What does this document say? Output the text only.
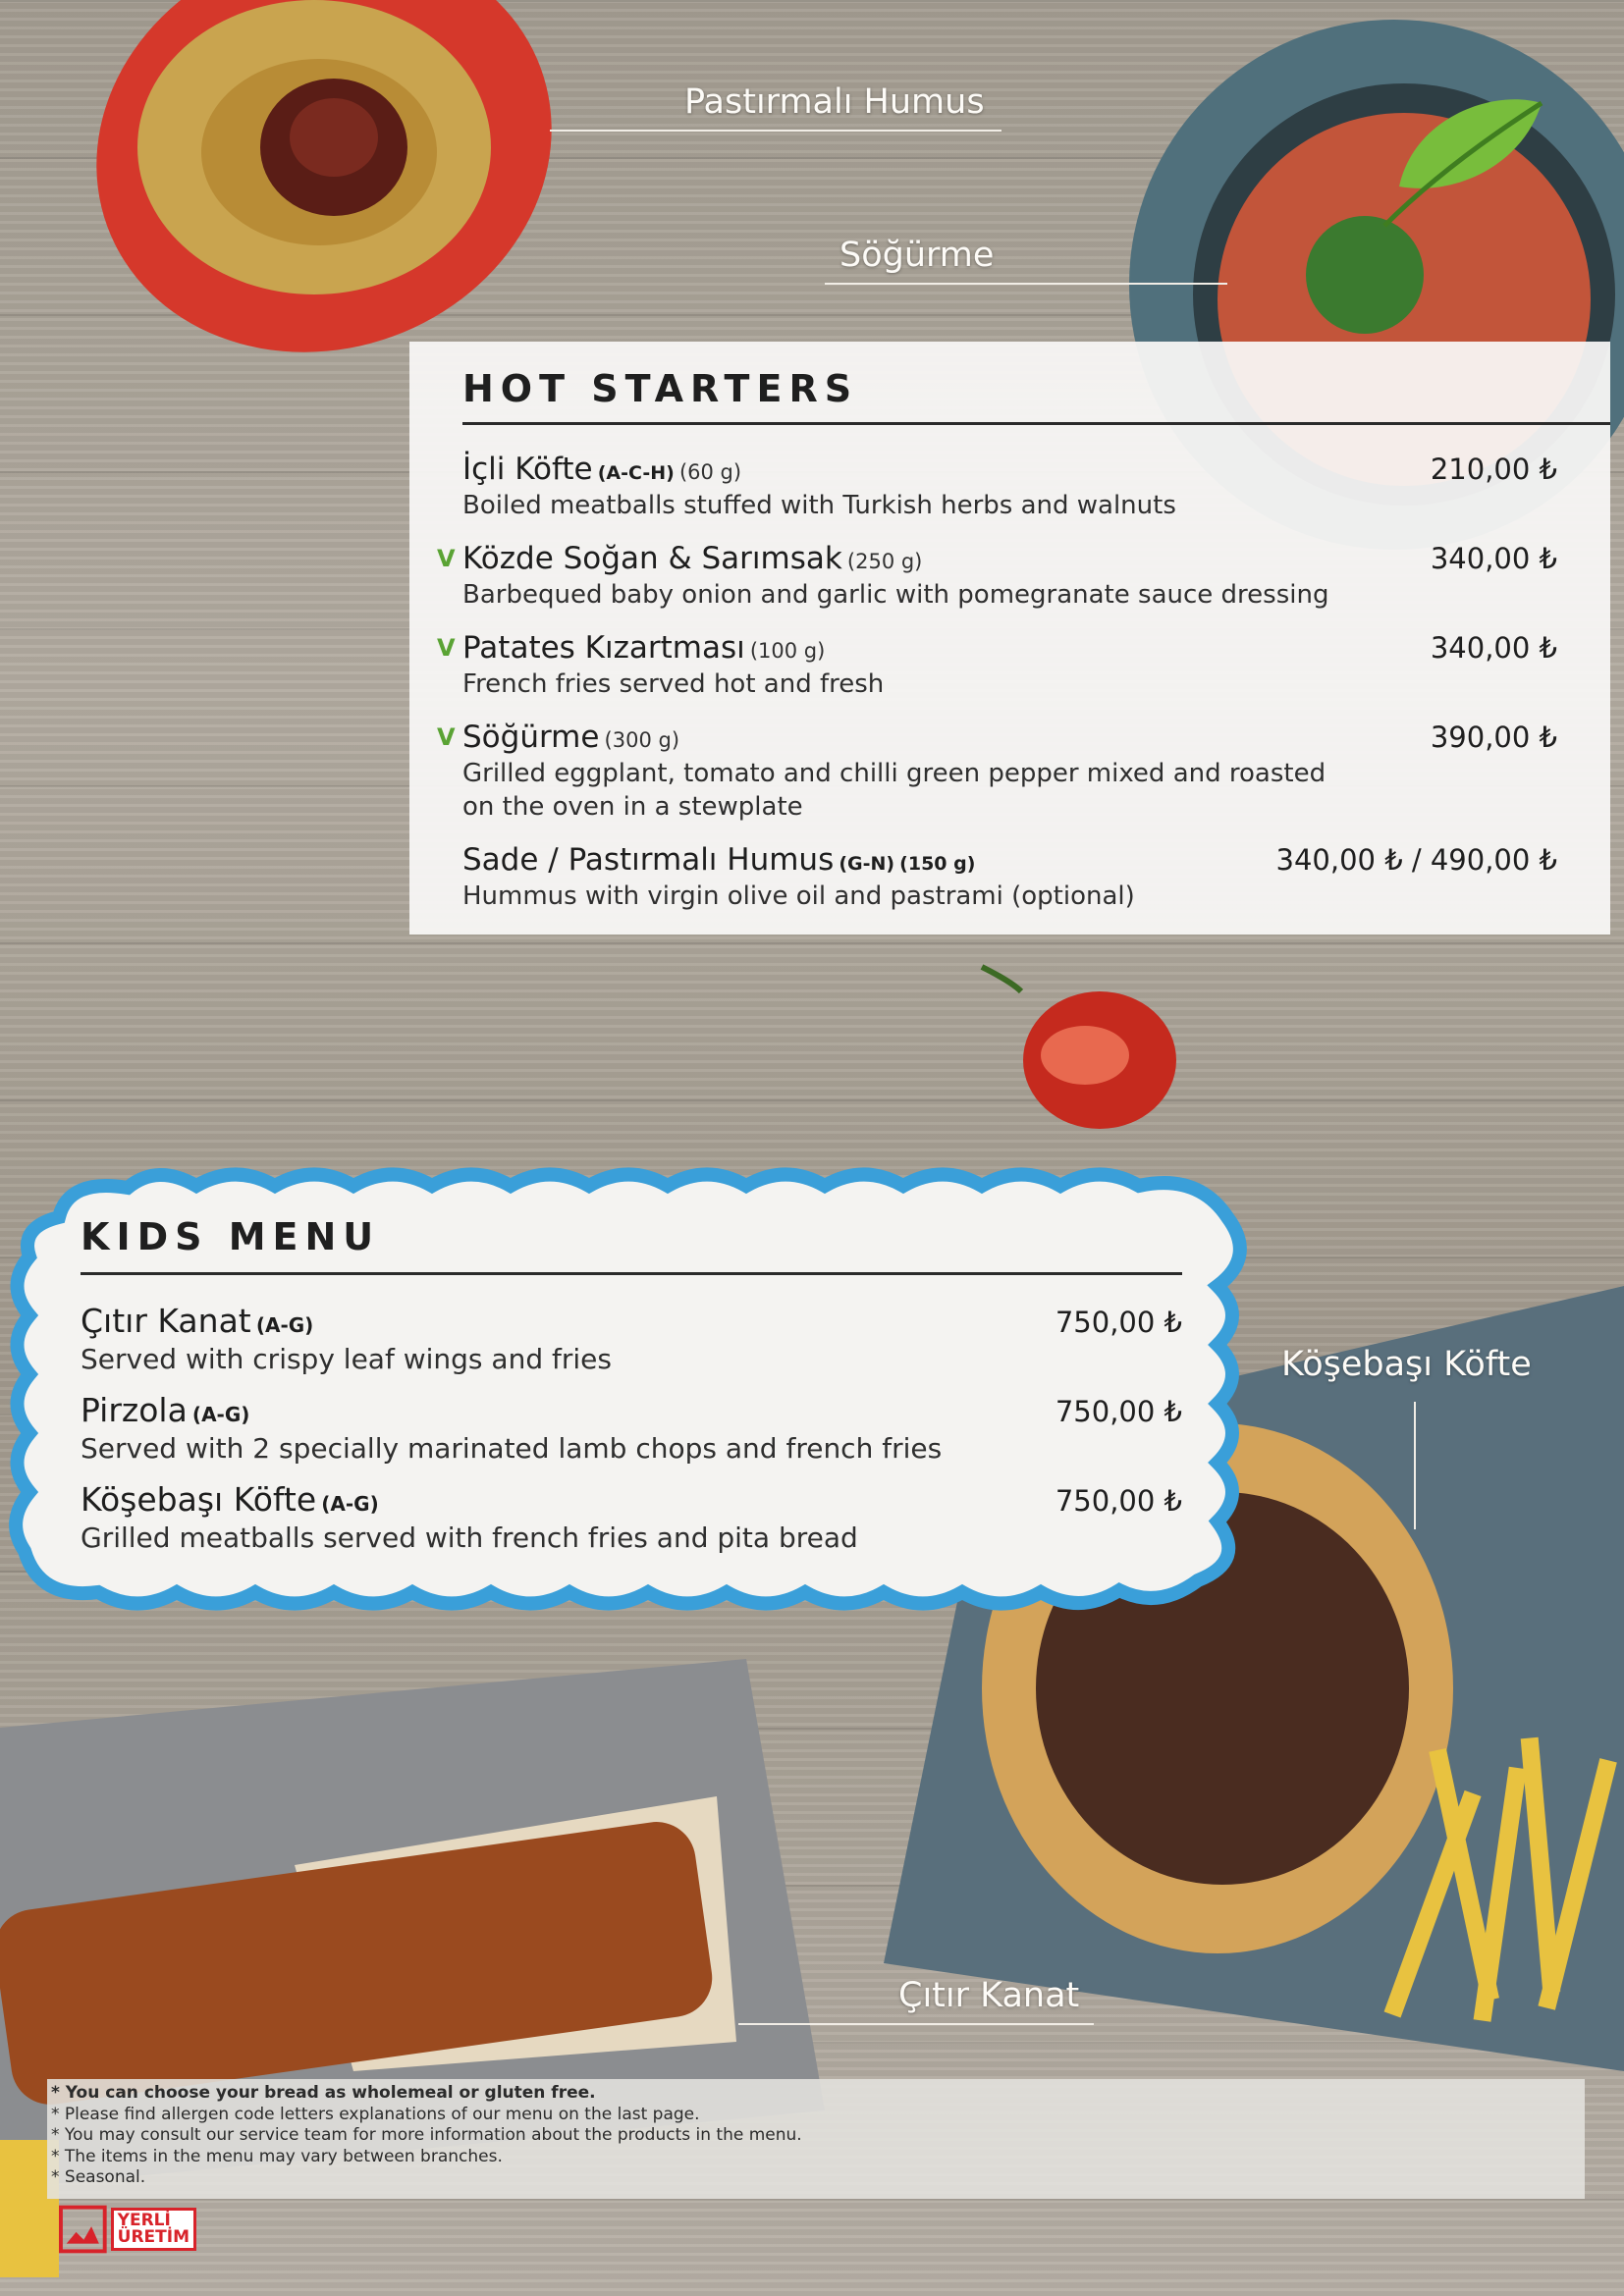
Pastırmalı Humus
Söğürme
Köşebaşı Köfte
Çıtır Kanat
HOT STARTERS
İçli Köfte (A-C-H) (60 g)	210,00 ₺
Boiled meatballs stuffed with Turkish herbs and walnuts
V Közde Soğan & Sarımsak (250 g)	340,00 ₺
Barbequed baby onion and garlic with pomegranate sauce dressing
V Patates Kızartması (100 g)	340,00 ₺
French fries served hot and fresh
V Söğürme (300 g)	390,00 ₺
Grilled eggplant, tomato and chilli green pepper mixed and roasted on the oven in a stewplate
Sade / Pastırmalı Humus (G-N) (150 g)	340,00 ₺ / 490,00 ₺
Hummus with virgin olive oil and pastrami (optional)
KIDS MENU
Çıtır Kanat (A-G)	750,00 ₺
Served with crispy leaf wings and fries
Pirzola (A-G)	750,00 ₺
Served with 2 specially marinated lamb chops and french fries
Köşebaşı Köfte (A-G)	750,00 ₺
Grilled meatballs served with french fries and pita bread
* You can choose your bread as wholemeal or gluten free.
* Please find allergen code letters explanations of our menu on the last page.
* You may consult our service team for more information about the products in the menu.
* The items in the menu may vary between branches.
* Seasonal.
YERLİ
ÜRETİM
